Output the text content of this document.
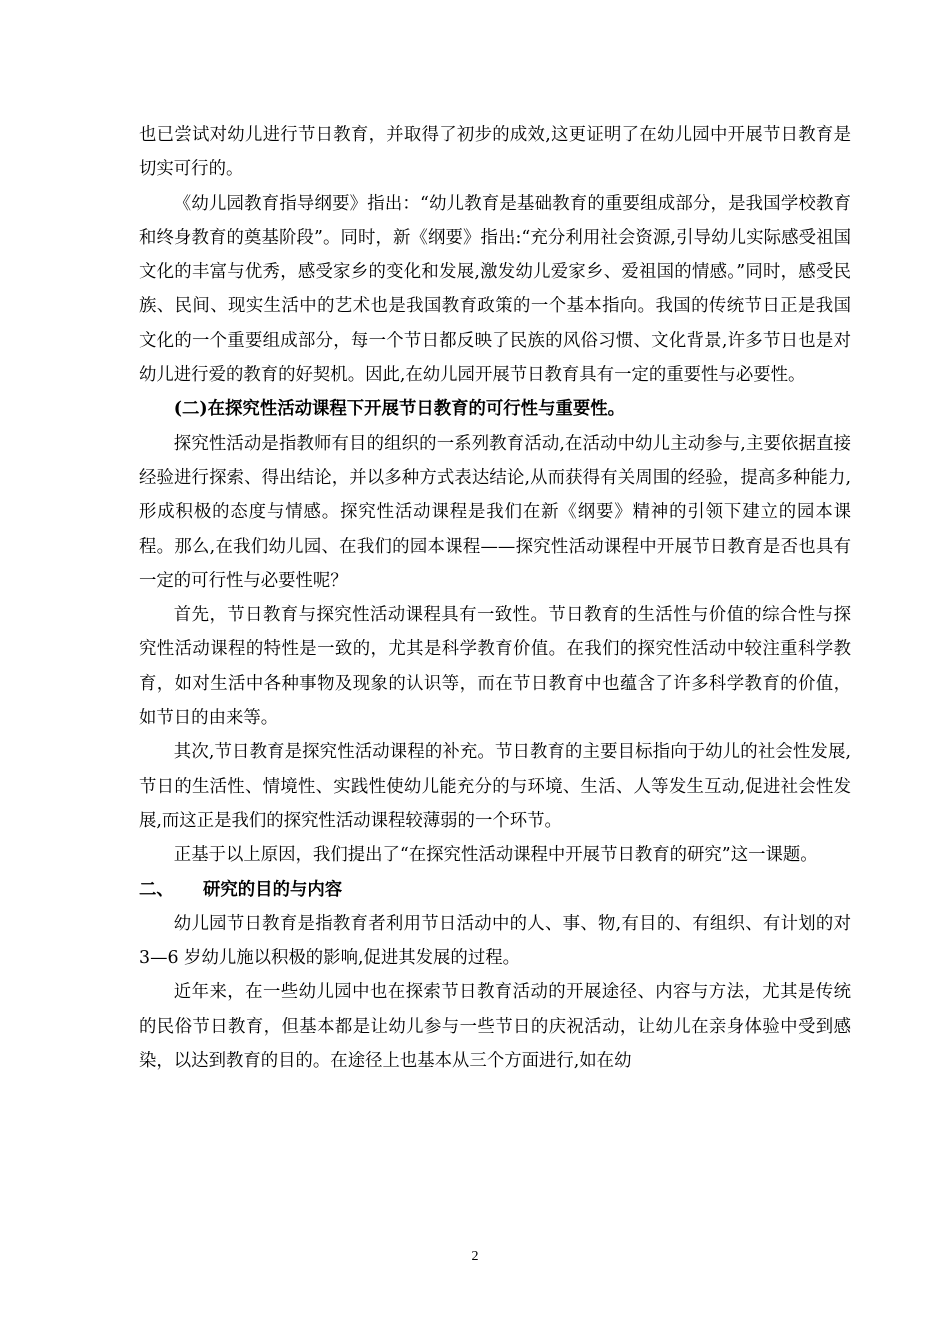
也已尝试对幼儿进行节日教育，并取得了初步的成效,这更证明了在幼儿园中开展节日教育是切实可行的。

《幼儿园教育指导纲要》指出：“幼儿教育是基础教育的重要组成部分，是我国学校教育和终身教育的奠基阶段”。同时，新《纲要》指出:“充分利用社会资源,引导幼儿实际感受祖国文化的丰富与优秀，感受家乡的变化和发展,激发幼儿爱家乡、爱祖国的情感。”同时，感受民族、民间、现实生活中的艺术也是我国教育政策的一个基本指向。我国的传统节日正是我国文化的一个重要组成部分，每一个节日都反映了民族的风俗习惯、文化背景,许多节日也是对幼儿进行爱的教育的好契机。因此,在幼儿园开展节日教育具有一定的重要性与必要性。

(二)在探究性活动课程下开展节日教育的可行性与重要性。

探究性活动是指教师有目的组织的一系列教育活动,在活动中幼儿主动参与,主要依据直接经验进行探索、得出结论，并以多种方式表达结论,从而获得有关周围的经验，提高多种能力,形成积极的态度与情感。探究性活动课程是我们在新《纲要》精神的引领下建立的园本课程。那么,在我们幼儿园、在我们的园本课程——探究性活动课程中开展节日教育是否也具有一定的可行性与必要性呢？

首先，节日教育与探究性活动课程具有一致性。节日教育的生活性与价值的综合性与探究性活动课程的特性是一致的，尤其是科学教育价值。在我们的探究性活动中较注重科学教育，如对生活中各种事物及现象的认识等，而在节日教育中也蕴含了许多科学教育的价值，如节日的由来等。

其次,节日教育是探究性活动课程的补充。节日教育的主要目标指向于幼儿的社会性发展,节日的生活性、情境性、实践性使幼儿能充分的与环境、生活、人等发生互动,促进社会性发展,而这正是我们的探究性活动课程较薄弱的一个环节。

正基于以上原因，我们提出了“在探究性活动课程中开展节日教育的研究”这一课题。

二、 研究的目的与内容

幼儿园节日教育是指教育者利用节日活动中的人、事、物,有目的、有组织、有计划的对 3—6 岁幼儿施以积极的影响,促进其发展的过程。

近年来，在一些幼儿园中也在探索节日教育活动的开展途径、内容与方法，尤其是传统的民俗节日教育，但基本都是让幼儿参与一些节日的庆祝活动，让幼儿在亲身体验中受到感染，以达到教育的目的。在途径上也基本从三个方面进行,如在幼

2
